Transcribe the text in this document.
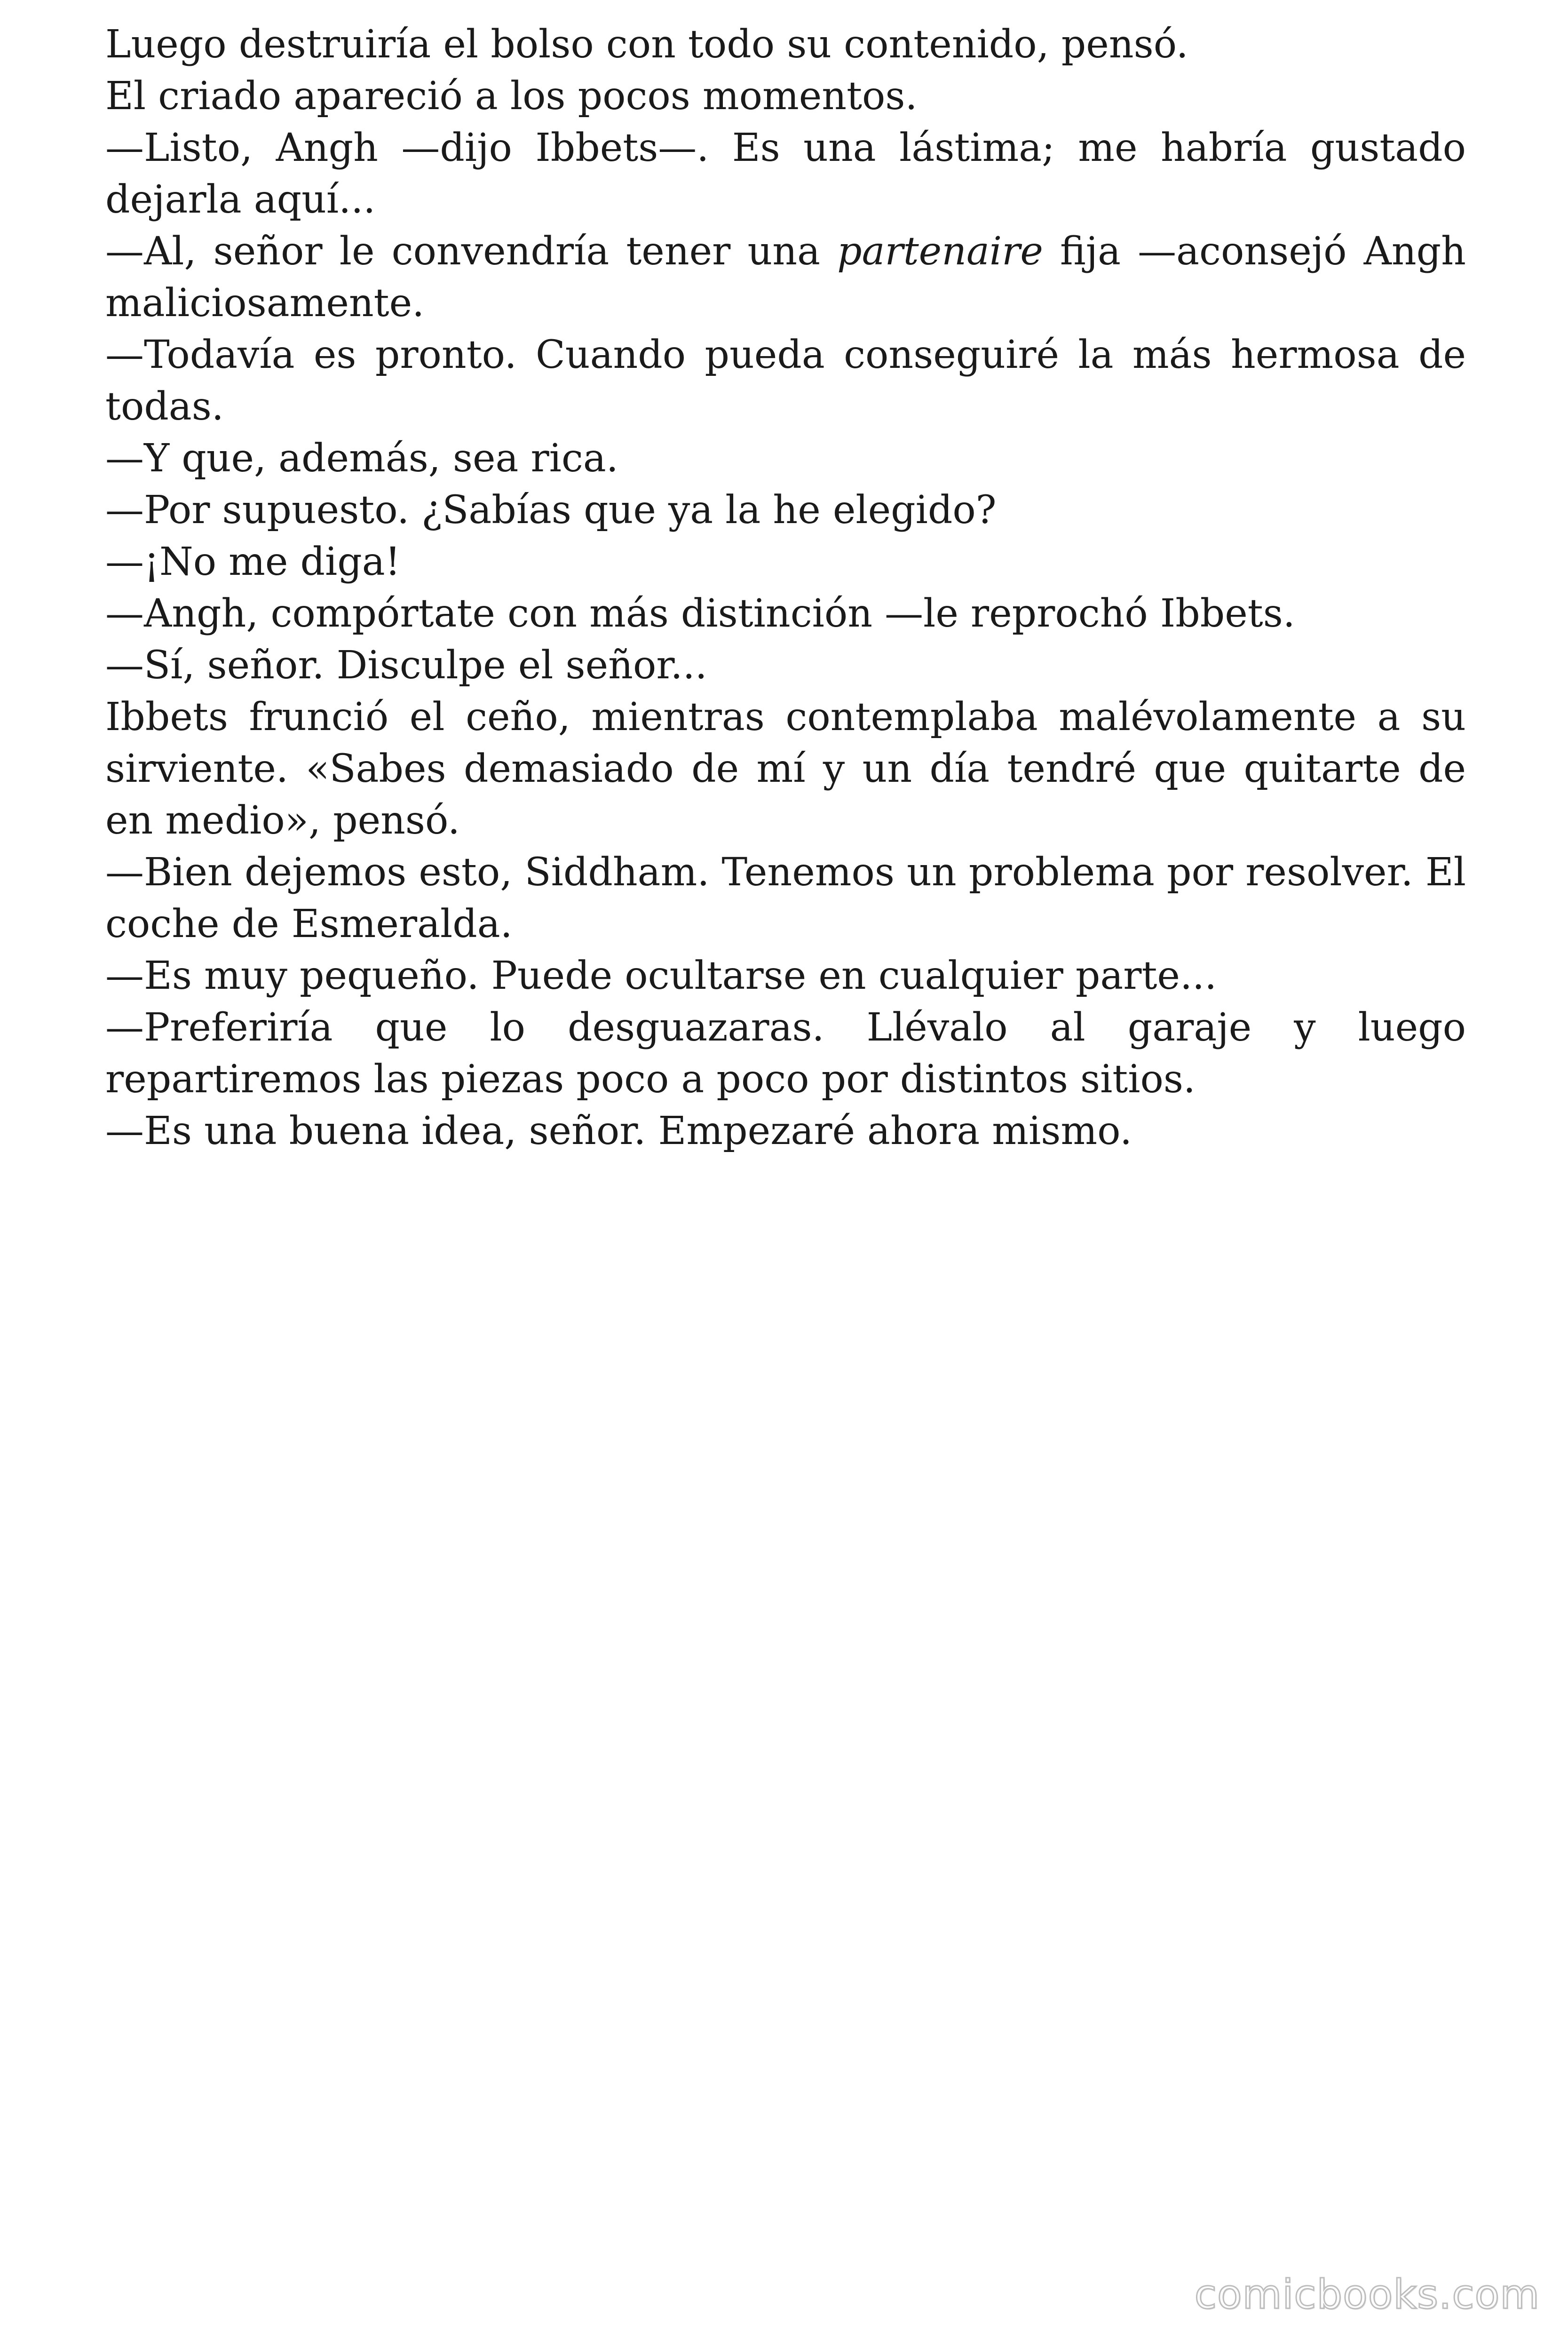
Luego destruiría el bolso con todo su contenido, pensó.

El criado apareció a los pocos momentos.

—Listo, Angh —dijo Ibbets—. Es una lástima; me habría gustado dejarla aquí...

—Al, señor le convendría tener una partenaire fija —aconsejó Angh maliciosamente.

—Todavía es pronto. Cuando pueda conseguiré la más hermosa de todas.

—Y que, además, sea rica.

—Por supuesto. ¿Sabías que ya la he elegido?

—¡No me diga!

—Angh, compórtate con más distinción —le reprochó Ibbets.

—Sí, señor. Disculpe el señor...

Ibbets frunció el ceño, mientras contemplaba malévolamente a su sirviente. «Sabes demasiado de mí y un día tendré que quitarte de en medio», pensó.

—Bien dejemos esto, Siddham. Tenemos un problema por resolver. El coche de Esmeralda.

—Es muy pequeño. Puede ocultarse en cualquier parte...

—Preferiría que lo desguazaras. Llévalo al garaje y luego repartiremos las piezas poco a poco por distintos sitios.

—Es una buena idea, señor. Empezaré ahora mismo.

comicbooks.com
